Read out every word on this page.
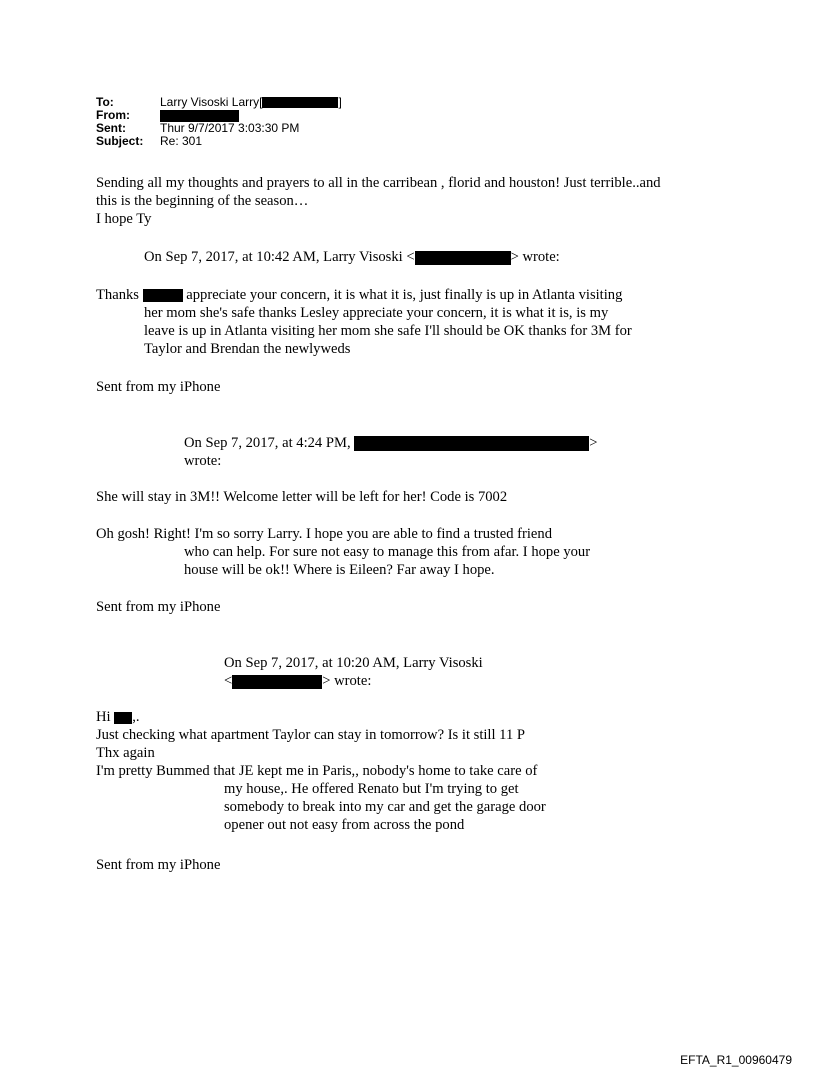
To:	Larry Visoski Larry[	]
From:
Sent:	Thur 9/7/2017 3:03:30 PM
Subject: Re: 301
Sending all my thoughts and prayers to all in the carribean , florid and houston! Just terrible..and
this is the beginning of the season…
I hope Ty
On Sep 7, 2017, at 10:42 AM, Larry Visoski <	> wrote:
Thanks	appreciate your concern, it is what it is, just finally is up in Atlanta visiting
her mom she's safe thanks Lesley appreciate your concern, it is what it is, is my
leave is up in Atlanta visiting her mom she safe I'll should be OK thanks for 3M for
Taylor and Brendan the newlyweds
Sent from my iPhone
On Sep 7, 2017, at 4:24 PM,	>
wrote:
She will stay in 3M!! Welcome letter will be left for her! Code is 7002
Oh gosh! Right! I'm so sorry Larry. I hope you are able to find a trusted friend
who can help. For sure not easy to manage this from afar. I hope your
house will be ok!! Where is Eileen? Far away I hope.
Sent from my iPhone
On Sep 7, 2017, at 10:20 AM, Larry Visoski
<	> wrote:
Hi ,.
Just checking what apartment Taylor can stay in tomorrow? Is it still 11 P
Thx again
I'm pretty Bummed that JE kept me in Paris,, nobody's home to take care of
my house,. He offered Renato but I'm trying to get
somebody to break into my car and get the garage door
opener out not easy from across the pond
Sent from my iPhone
EFTA_R1_00960479
